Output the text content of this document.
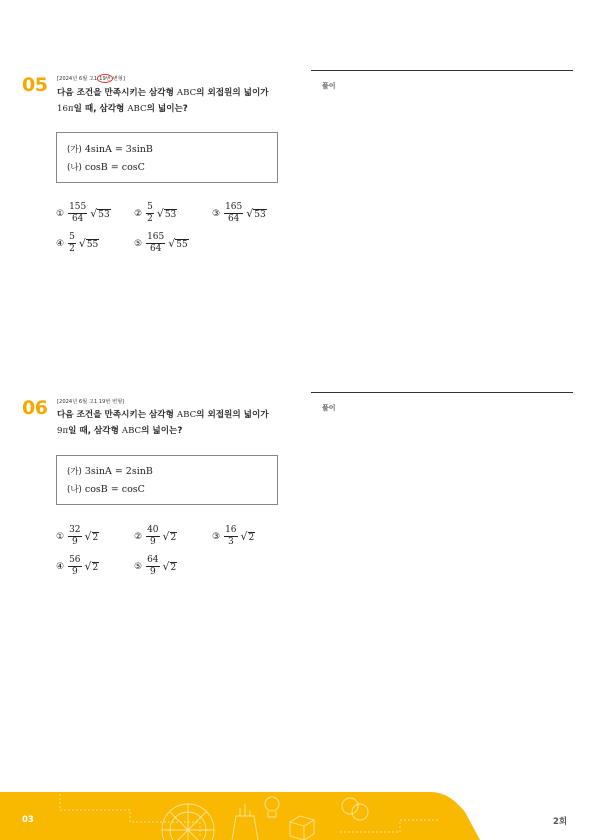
05 [2024년 6월 고1 19번 변형]
다음 조건을 만족시키는 삼각형 ABC의 외접원의 넓이가
16π일 때, 삼각형 ABC의 넓이는?
(가) 4sinA = 3sinB
(나) cosB = cosC
① $\frac{155}{64}$ √ 53	② $\frac{5}{2}$ √ 53	③ $\frac{165}{64}$ √ 53
④ $\frac{5}{2}$ √ 55	⑤ $\frac{165}{64}$ √ 55
풀이
06 [2024년 6월 고1 19번 변형]
다음 조건을 만족시키는 삼각형 ABC의 외접원의 넓이가
9π일 때, 삼각형 ABC의 넓이는?
(가) 3sinA = 2sinB
(나) cosB = cosC
① $\frac{32}{9}$ √ 2	② $\frac{40}{9}$ √ 2	③ $\frac{16}{3}$ √ 2
④ $\frac{56}{9}$ √ 2	⑤ $\frac{64}{9}$ √ 2
풀이
03	2회
